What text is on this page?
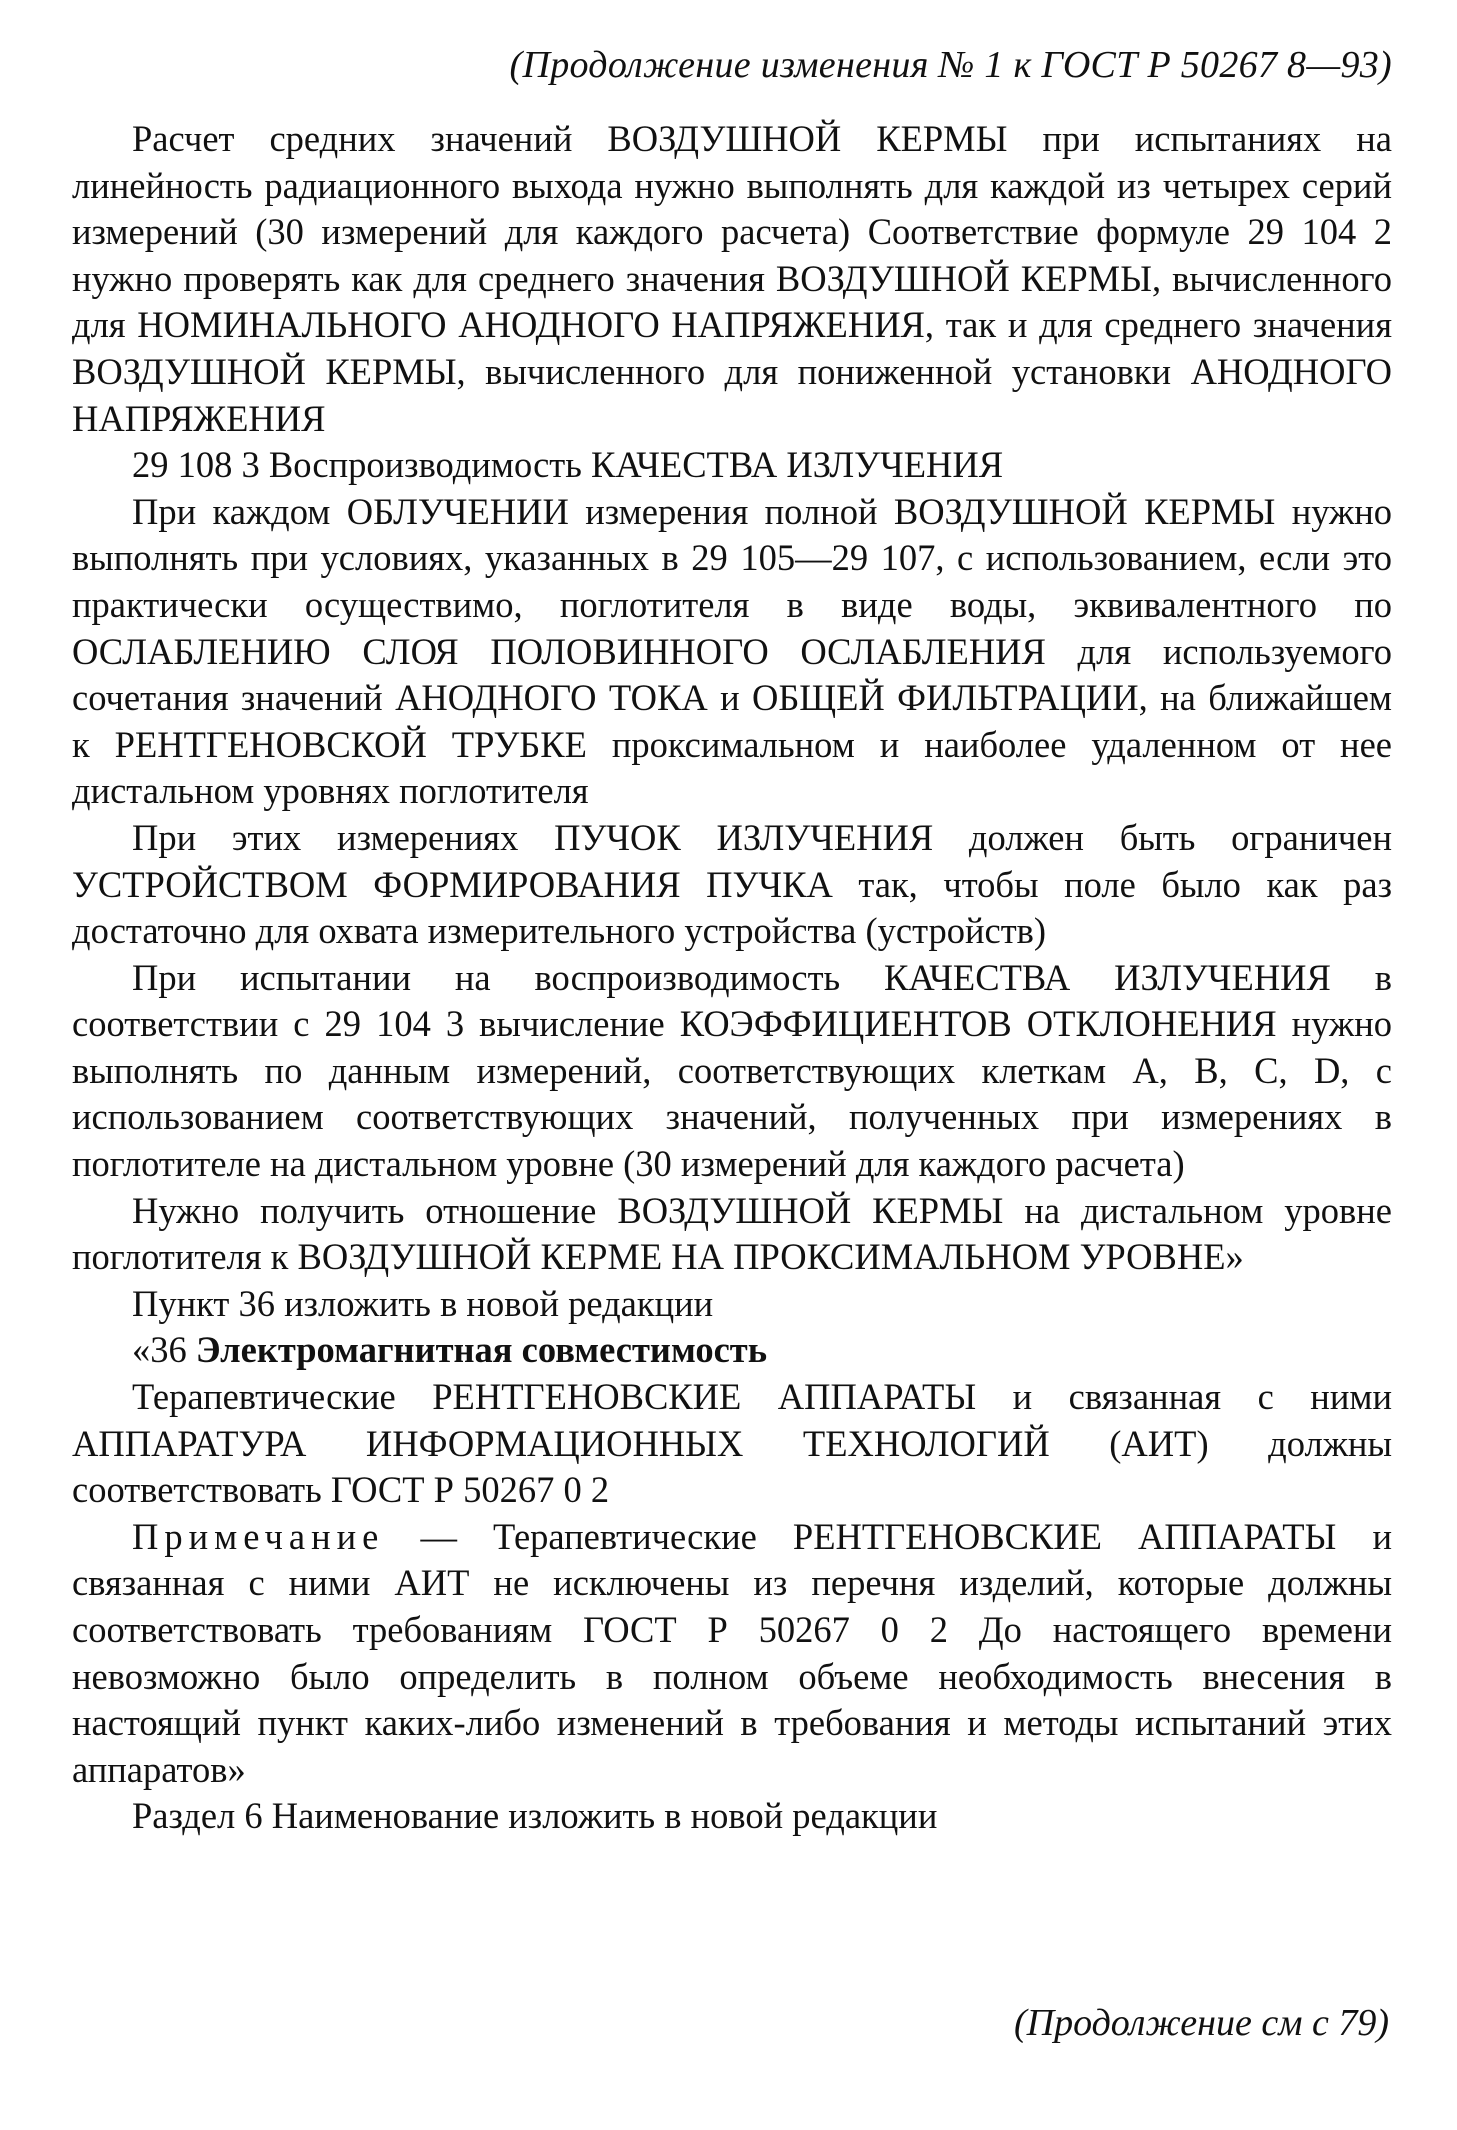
(Продолжение изменения № 1 к ГОСТ Р 50267 8—93)

Расчет средних значений ВОЗДУШНОЙ КЕРМЫ при испытаниях на линейность радиационного выхода нужно выполнять для каждой из четырех серий измерений (30 измерений для каждого расчета) Соответствие формуле 29 104 2 нужно проверять как для среднего значения ВОЗДУШНОЙ КЕРМЫ, вычисленного для НОМИНАЛЬНОГО АНОДНОГО НАПРЯЖЕНИЯ, так и для среднего значения ВОЗДУШНОЙ КЕРМЫ, вычисленного для пониженной установки АНОДНОГО НАПРЯЖЕНИЯ

29 108 3 Воспроизводимость КАЧЕСТВА ИЗЛУЧЕНИЯ

При каждом ОБЛУЧЕНИИ измерения полной ВОЗДУШНОЙ КЕРМЫ нужно выполнять при условиях, указанных в 29 105—29 107, с использованием, если это практически осуществимо, поглотителя в виде воды, эквивалентного по ОСЛАБЛЕНИЮ СЛОЯ ПОЛОВИННОГО ОСЛАБЛЕНИЯ для используемого сочетания значений АНОДНОГО ТОКА и ОБЩЕЙ ФИЛЬТРАЦИИ, на ближайшем к РЕНТГЕНОВСКОЙ ТРУБКЕ проксимальном и наиболее удаленном от нее дистальном уровнях поглотителя

При этих измерениях ПУЧОК ИЗЛУЧЕНИЯ должен быть ограничен УСТРОЙСТВОМ ФОРМИРОВАНИЯ ПУЧКА так, чтобы поле было как раз достаточно для охвата измерительного устройства (устройств)

При испытании на воспроизводимость КАЧЕСТВА ИЗЛУЧЕНИЯ в соответствии с 29 104 3 вычисление КОЭФФИЦИЕНТОВ ОТКЛОНЕНИЯ нужно выполнять по данным измерений, соответствующих клеткам A, B, C, D, с использованием соответствующих значений, полученных при измерениях в поглотителе на дистальном уровне (30 измерений для каждого расчета)

Нужно получить отношение ВОЗДУШНОЙ КЕРМЫ на дистальном уровне поглотителя к ВОЗДУШНОЙ КЕРМЕ НА ПРОКСИМАЛЬНОМ УРОВНЕ»

Пункт 36 изложить в новой редакции

«36 Электромагнитная совместимость

Терапевтические РЕНТГЕНОВСКИЕ АППАРАТЫ и связанная с ними АППАРАТУРА ИНФОРМАЦИОННЫХ ТЕХНОЛОГИЙ (АИТ) должны соответствовать ГОСТ Р 50267 0 2

Примечание — Терапевтические РЕНТГЕНОВСКИЕ АППАРАТЫ и связанная с ними АИТ не исключены из перечня изделий, которые должны соответствовать требованиям ГОСТ Р 50267 0 2 До настоящего времени невозможно было определить в полном объеме необходимость внесения в настоящий пункт каких-либо изменений в требования и методы испытаний этих аппаратов»

Раздел 6 Наименование изложить в новой редакции

(Продолжение см с 79)
